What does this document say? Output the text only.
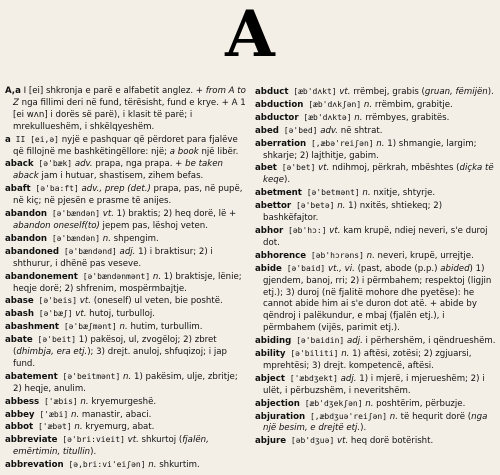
A

A,a I [ei] shkronja e parë e alfabetit anglez. + from A to Z nga fillimi deri në fund, tërësisht, fund e krye. + A 1 [ei wʌn] i dorës së parë), i klasit të parë; i mrekullueshëm, i shkëlqyeshëm.

a II [ei,ə] nyjë e pashquar që përdoret para fjalëve që fillojnë me bashkëtingëllore: një; a book një libër.

aback [ə'bæk] adv. prapa, nga prapa. + be taken aback jam i hutuar, shastisem, zihem befas.

abaft [ə'ba:ft] adv., prep (det.) prapa, pas, në pupë, në kiç; në pjesën e prasme të anijes.

abandon [ə'bændən] vt. 1) braktis; 2) heq dorë, lë + abandon oneself(to) jepem pas, lëshoj veten.

abandon [ə'bændən] n. shpengim.

abandoned [ə'bændənd] adj. 1) i braktisur; 2) i shthurur, i dhënë pas veseve.

abandonement [ə'bændənmənt] n. 1) braktisje, lënie; heqje dorë; 2) shfrenim, mospërmbajtje.

abase [ə'beis] vt. (oneself) ul veten, bie poshtë.

abash [ə'bæʃ] vt. hutoj, turbulloj.

abashment [ə'bæʃmənt] n. hutim, turbullim.

abate [ə'beit] 1) pakësoj, ul, zvogëloj; 2) zbret (dhimbja, era etj.); 3) drejt. anuloj, shfuqizoj; i jap fund.

abatement [ə'beitmənt] n. 1) pakësim, ulje, zbritje; 2) heqje, anulim.

abbess ['æbis] n. kryemurgeshë.

abbey ['æbi] n. manastir, abaci.

abbot ['æbət] n. kryemurg, abat.

abbreviate [ə'bri:vieit] vt. shkurtoj (fjalën, emërtimin, titullin).

abbrevation [ə,bri:vi'eiʃən] n. shkurtim.

abduct [æb'dʌkt] vt. rrëmbej, grabis (gruan, fëmijën).

abduction [æb'dʌkʃən] n. rrëmbim, grabitje.

abductor [æb'dʌktə] n. rrëmbyes, grabitës.

abed [ə'bed] adv. në shtrat.

aberration [,æbə'reiʃən] n. 1) shmangie, largim; shkarje; 2) lajthitje, gabim.

abet [ə'bet] vt. ndihmoj, përkrah, mbështes (diçka të keqe).

abetment [ə'betmənt] n. nxitje, shtyrje.

abettor [ə'betə] n. 1) nxitës, shtiekeq; 2) bashkëfajtor.

abhor [əb'hɔ:] vt. kam krupë, ndiej neveri, s'e duroj dot.

abhorence [əb'hɔrəns] n. neveri, krupë, urrejtje.

abide [ə'baid] vt., vi. (past, abode (p.p.) abided) 1) gjendem, banoj, rri; 2) i përmbahem; respektoj (ligjin etj.); 3) duroj (në fjalitë mohore dhe pyetëse): he cannot abide him ai s'e duron dot atë. + abide by qëndroj i palëkundur, e mbaj (fjalën etj.), i përmbahem (vijës, parimit etj.).

abiding [ə'baidin] adj. i përhershëm, i qëndrueshëm.

ability [ə'biliti] n. 1) aftësi, zotësi; 2) zgjuarsi, mprehtësi; 3) drejt. kompetencë, aftësi.

abject ['æbdʒekt] adj. 1) i mjerë, i mjerueshëm; 2) i ulët, i përbuzshëm, i neveritshëm.

abjection [æb'dʒekʃən] n. poshtërim, përbuzje.

abjuration [,æbdʒuə'reiʃən] n. të hequrit dorë (nga një besim, e drejtë etj.).

abjure [əb'dʒuə] vt. heq dorë botërisht.
